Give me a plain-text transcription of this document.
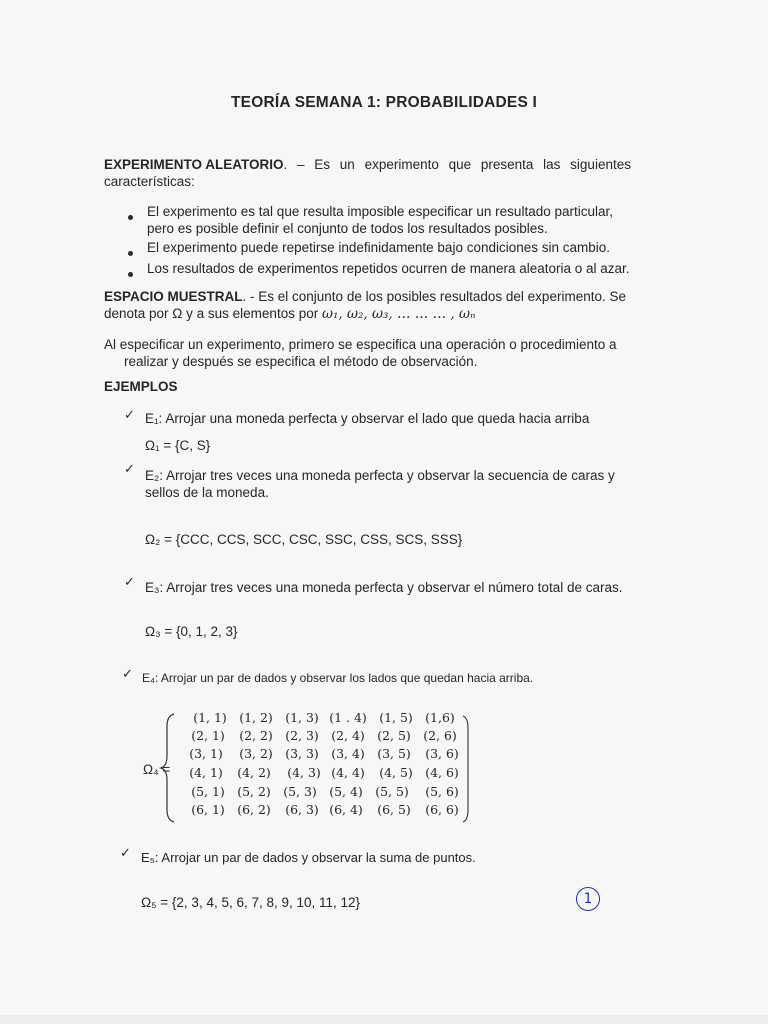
TEORÍA SEMANA 1: PROBABILIDADES I
EXPERIMENTO ALEATORIO. – Es un experimento que presenta las siguientes
características:
El experimento es tal que resulta imposible especificar un resultado particular,
pero es posible definir el conjunto de todos los resultados posibles.
El experimento puede repetirse indefinidamente bajo condiciones sin cambio.
Los resultados de experimentos repetidos ocurren de manera aleatoria o al azar.
ESPACIO MUESTRAL. - Es el conjunto de los posibles resultados del experimento. Se
denota por Ω y a sus elementos por ω₁, ω₂, ω₃, … … … , ωₙ
Al especificar un experimento, primero se especifica una operación o procedimiento a
realizar y después se especifica el método de observación.
EJEMPLOS
✓ E₁: Arrojar una moneda perfecta y observar el lado que queda hacia arriba
Ω₁ = {C, S}
✓ E₂: Arrojar tres veces una moneda perfecta y observar la secuencia de caras y
sellos de la moneda.
Ω₂ = {CCC, CCS, SCC, CSC, SSC, CSS, SCS, SSS}
✓ E₃: Arrojar tres veces una moneda perfecta y observar el número total de caras.
Ω₃ = {0, 1, 2, 3}
✓ E₄: Arrojar un par de dados y observar los lados que quedan hacia arriba.
Ω₄ =
(1, 1) (1, 2) (1, 3) (1 . 4) (1, 5) (1,6)
(2, 1)	(2, 2) (2, 3) (2, 4) (2, 5) (2, 6)
(3, 1)	(3, 2) (3, 3) (3, 4) (3, 5)	(3, 6)
(4, 1)	(4, 2)	(4, 3) (4, 4)	(4, 5) (4, 6)
(5, 1) (5, 2) (5, 3) (5, 4) (5, 5)	(5, 6)
(6, 1) (6, 2)	(6, 3) (6, 4)	(6, 5)	(6, 6)
✓ E₅: Arrojar un par de dados y observar la suma de puntos.
Ω₅ = {2, 3, 4, 5, 6, 7, 8, 9, 10, 11, 12}	1
